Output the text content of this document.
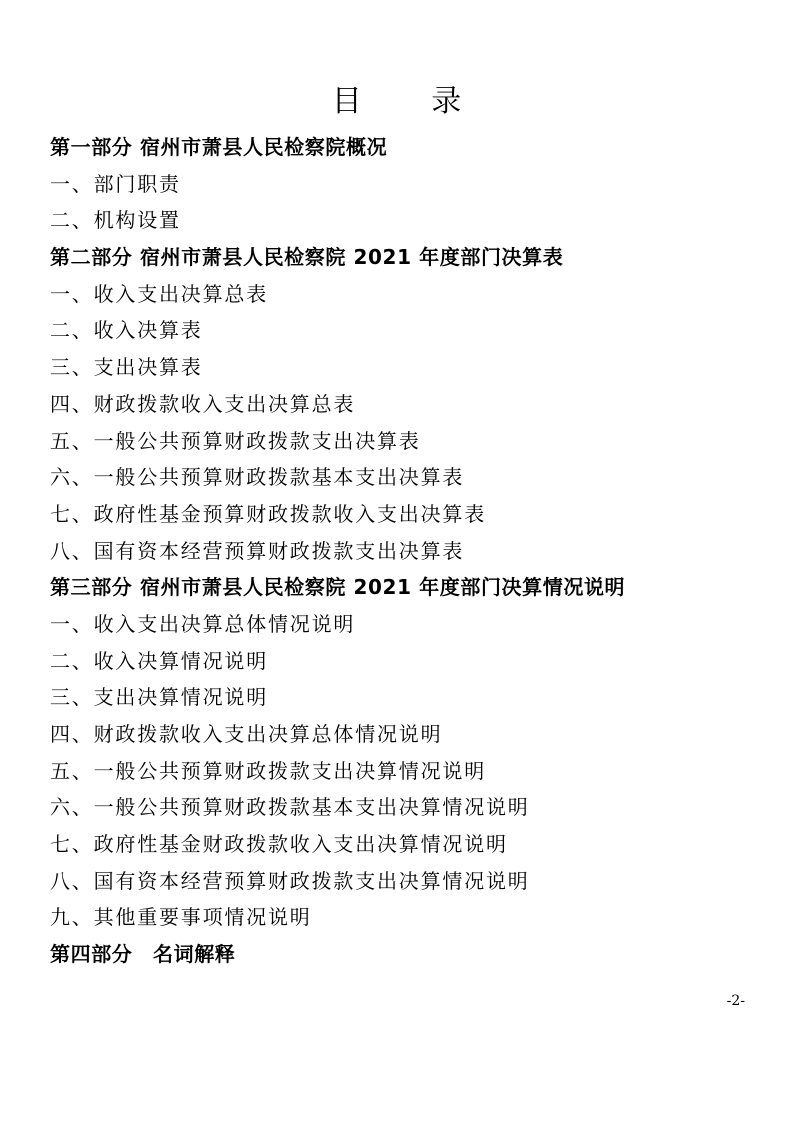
目 录
第一部分 宿州市萧县人民检察院概况
一、部门职责
二、机构设置
第二部分 宿州市萧县人民检察院 2021 年度部门决算表
一、收入支出决算总表
二、收入决算表
三、支出决算表
四、财政拨款收入支出决算总表
五、一般公共预算财政拨款支出决算表
六、一般公共预算财政拨款基本支出决算表
七、政府性基金预算财政拨款收入支出决算表
八、国有资本经营预算财政拨款支出决算表
第三部分 宿州市萧县人民检察院 2021 年度部门决算情况说明
一、收入支出决算总体情况说明
二、收入决算情况说明
三、支出决算情况说明
四、财政拨款收入支出决算总体情况说明
五、一般公共预算财政拨款支出决算情况说明
六、一般公共预算财政拨款基本支出决算情况说明
七、政府性基金财政拨款收入支出决算情况说明
八、国有资本经营预算财政拨款支出决算情况说明
九、其他重要事项情况说明
第四部分　名词解释
-2-
